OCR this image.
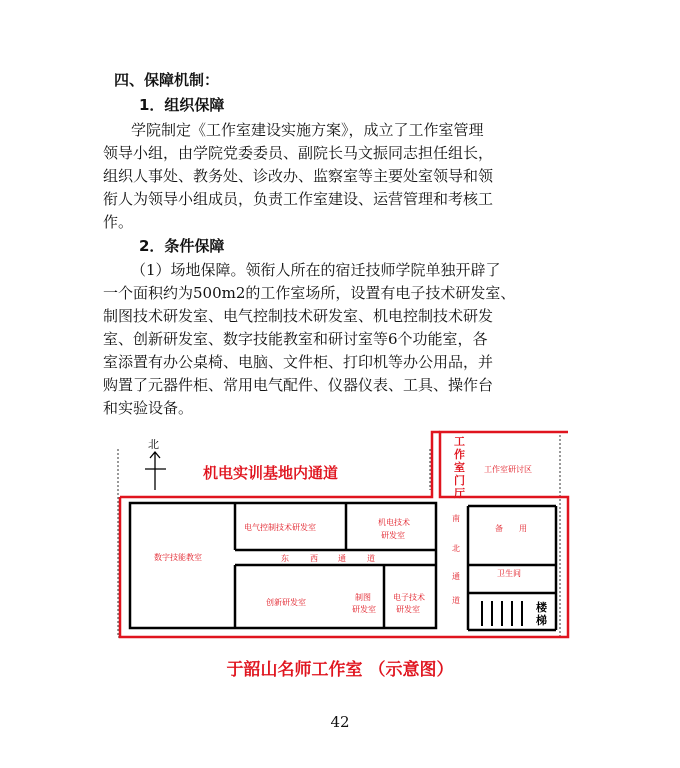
四、保障机制：
1．组织保障
学院制定《工作室建设实施方案》，成立了工作室管理
领导小组，由学院党委委员、副院长马文振同志担任组长，
组织人事处、教务处、诊改办、监察室等主要处室领导和领
衔人为领导小组成员，负责工作室建设、运营管理和考核工
作。
2．条件保障
（1）场地保障。领衔人所在的宿迁技师学院单独开辟了
一个面积约为500m2的工作室场所，设置有电子技术研发室、
制图技术研发室、电气控制技术研发室、机电控制技术研发
室、创新研发室、数字技能教室和研讨室等6个功能室，各
室添置有办公桌椅、电脑、文件柜、打印机等办公用品，并
购置了元器件柜、常用电气配件、仪器仪表、工具、操作台
和实验设备。
北
机电实训基地内通道
数字技能教室
电气控制技术研发室
机电技术
研发室
创新研发室
制图
研发室
电子技术
研发室
工作室研讨区
备　　用
卫生间
楼
梯
工
作
室
门
厅
东	西	通	道
南
北
通
道
于韶山名师工作室 （示意图）
42
